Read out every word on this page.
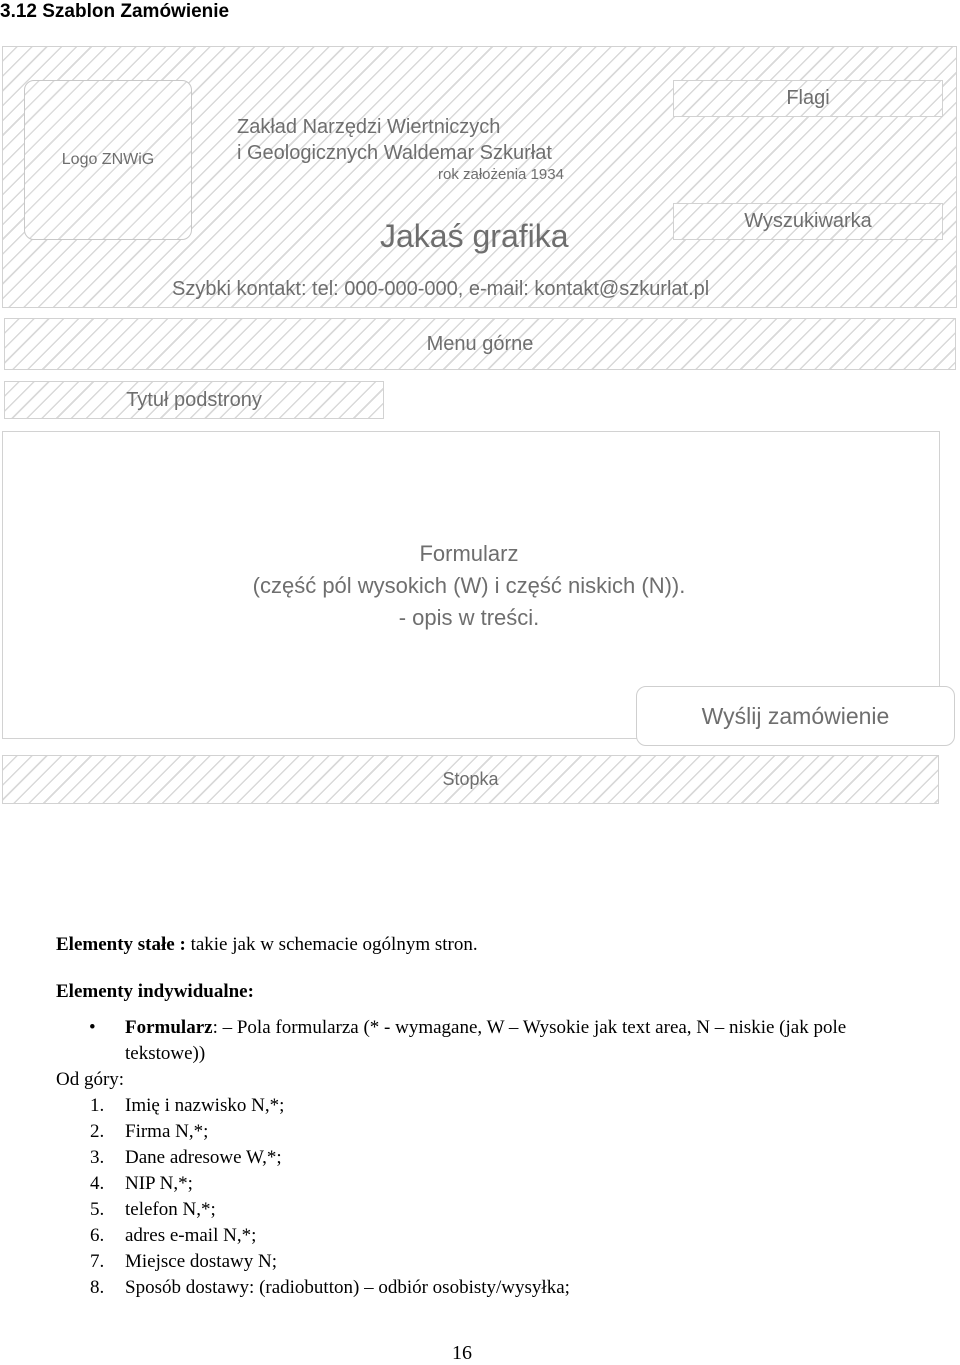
3.12 Szablon Zamówienie
Logo ZNWiG
Zakład Narzędzi Wiertniczych
i Geologicznych Waldemar Szkurłat
rok założenia 1934
Jakaś grafika
Flagi
Wyszukiwarka
Szybki kontakt: tel: 000-000-000, e-mail: kontakt@szkurlat.pl
Menu górne
Tytuł podstrony
Formularz
(część pól wysokich (W) i część niskich (N)).
- opis w treści.
Wyślij zamówienie
Stopka

Elementy stałe : takie jak w schemacie ogólnym stron.

Elementy indywidualne:

• Formularz: – Pola formularza (* - wymagane, W – Wysokie jak text area, N – niskie (jak pole tekstowe))

Od góry:

1. Imię i nazwisko N,*;
2. Firma N,*;
3. Dane adresowe W,*;
4. NIP N,*;
5. telefon N,*;
6. adres e-mail N,*;
7. Miejsce dostawy N;
8. Sposób dostawy: (radiobutton) – odbiór osobisty/wysyłka;
16
